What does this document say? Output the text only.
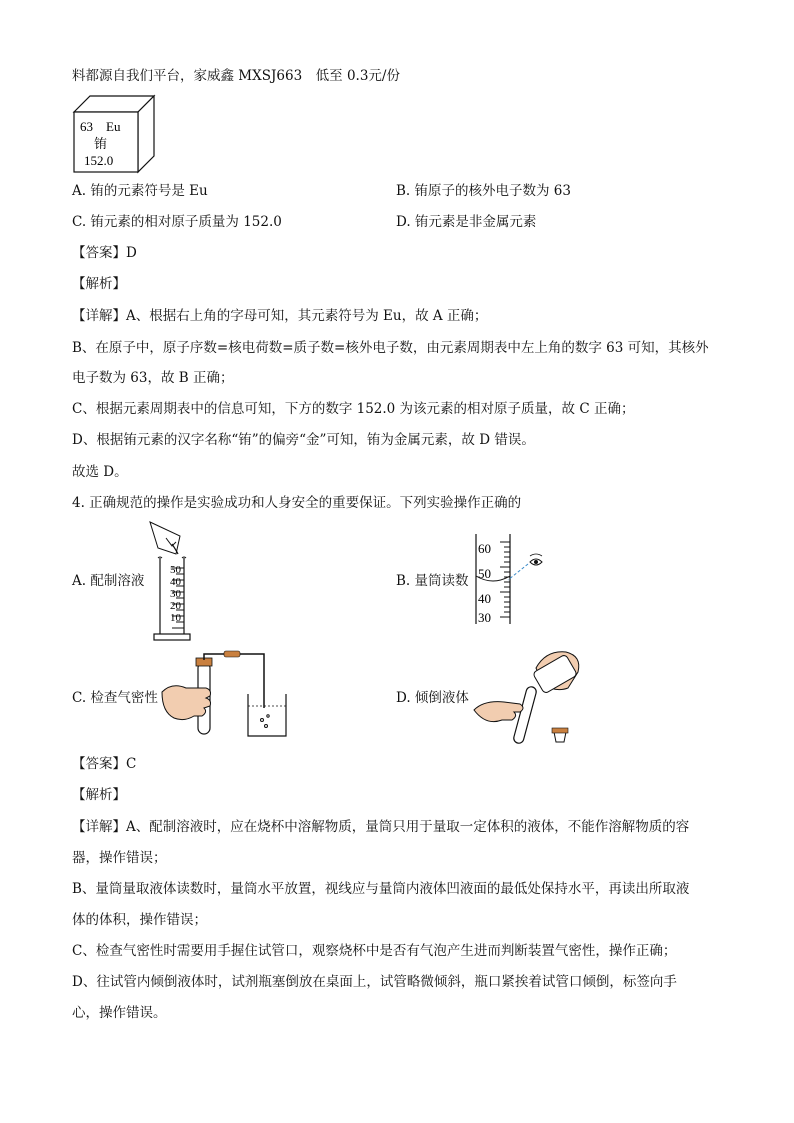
料都源自我们平台，家威鑫 MXSJ663　低至 0.3元/份
63 Eu
铕
152.0
A. 铕的元素符号是 Eu	B. 铕原子的核外电子数为 63
C. 铕元素的相对原子质量为 152.0	D. 铕元素是非金属元素
【答案】D
【解析】
【详解】A、根据右上角的字母可知，其元素符号为 Eu，故 A 正确；
B、在原子中，原子序数=核电荷数=质子数=核外电子数，由元素周期表中左上角的数字 63 可知，其核外
电子数为 63，故 B 正确；
C、根据元素周期表中的信息可知，下方的数字 152.0 为该元素的相对原子质量，故 C 正确；
D、根据铕元素的汉字名称“铕”的偏旁“金”可知，铕为金属元素，故 D 错误。
故选 D。
4. 正确规范的操作是实验成功和人身安全的重要保证。下列实验操作正确的
A. 配制溶液
50
40
30
20
10
B. 量筒读数
60
50
40
30
C. 检查气密性	D. 倾倒液体
【答案】C
【解析】
【详解】A、配制溶液时，应在烧杯中溶解物质，量筒只用于量取一定体积的液体，不能作溶解物质的容
器，操作错误；
B、量筒量取液体读数时，量筒水平放置，视线应与量筒内液体凹液面的最低处保持水平，再读出所取液
体的体积，操作错误；
C、检查气密性时需要用手握住试管口，观察烧杯中是否有气泡产生进而判断装置气密性，操作正确；
D、往试管内倾倒液体时，试剂瓶塞倒放在桌面上，试管略微倾斜，瓶口紧挨着试管口倾倒，标签向手
心，操作错误。
